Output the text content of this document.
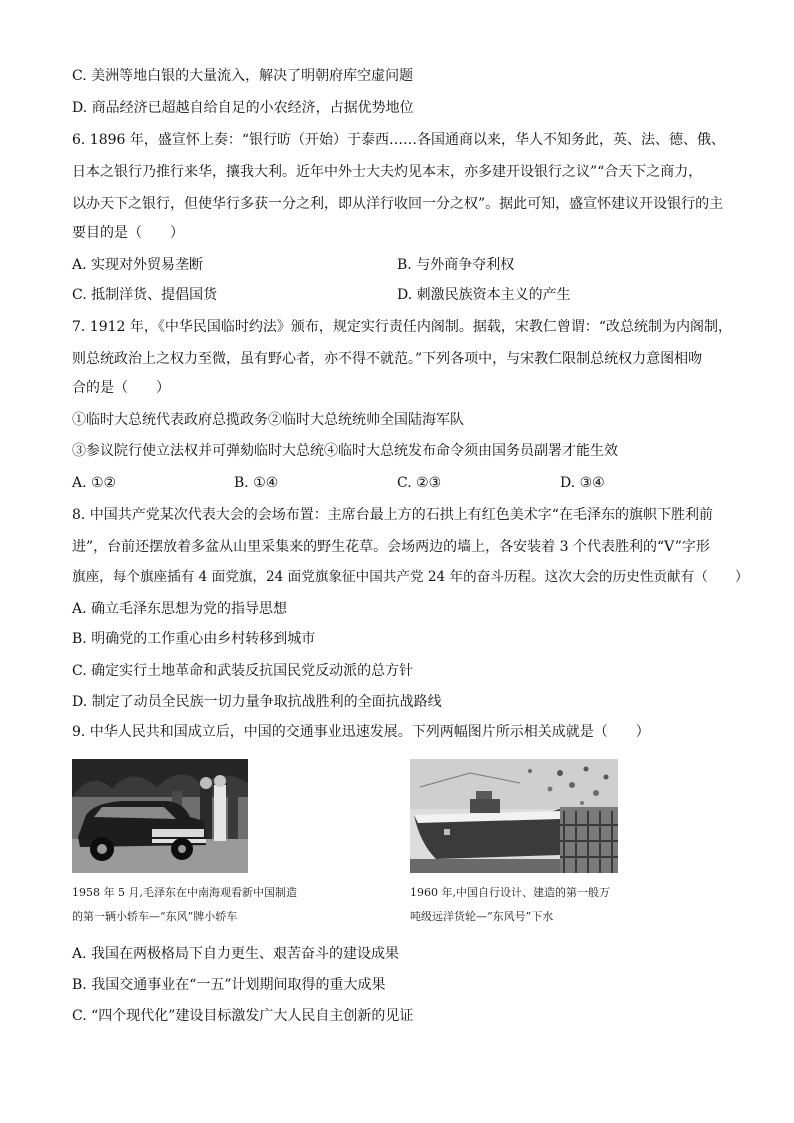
C. 美洲等地白银的大量流入，解决了明朝府库空虚问题
D. 商品经济已超越自给自足的小农经济，占据优势地位
6. 1896 年，盛宣怀上奏：“银行昉（开始）于泰西……各国通商以来，华人不知务此，英、法、德、俄、
日本之银行乃推行来华，攘我大利。近年中外士大夫灼见本末，亦多建开设银行之议”“合天下之商力，
以办天下之银行，但使华行多获一分之利，即从洋行收回一分之权”。据此可知，盛宣怀建议开设银行的主
要目的是（　　）
A. 实现对外贸易垄断	B. 与外商争夺利权
C. 抵制洋货、提倡国货	D. 刺激民族资本主义的产生
7. 1912 年，《中华民国临时约法》颁布，规定实行责任内阁制。据载，宋教仁曾谓：“改总统制为内阁制，
则总统政治上之权力至微，虽有野心者，亦不得不就范。”下列各项中，与宋教仁限制总统权力意图相吻
合的是（　　）
①临时大总统代表政府总揽政务②临时大总统统帅全国陆海军队
③参议院行使立法权并可弹劾临时大总统④临时大总统发布命令须由国务员副署才能生效
A. ①②	B. ①④	C. ②③	D. ③④
8. 中国共产党某次代表大会的会场布置：主席台最上方的石拱上有红色美术字“在毛泽东的旗帜下胜利前
进”，台前还摆放着多盆从山里采集来的野生花草。会场两边的墙上，各安装着 3 个代表胜利的“V”字形
旗座，每个旗座插有 4 面党旗，24 面党旗象征中国共产党 24 年的奋斗历程。这次大会的历史性贡献有（　　）
A. 确立毛泽东思想为党的指导思想
B. 明确党的工作重心由乡村转移到城市
C. 确定实行土地革命和武装反抗国民党反动派的总方针
D. 制定了动员全民族一切力量争取抗战胜利的全面抗战路线
9. 中华人民共和国成立后，中国的交通事业迅速发展。下列两幅图片所示相关成就是（　　）
1958 年 5 月,毛泽东在中南海观看新中国制造
的第一辆小轿车—“东风”牌小轿车
1960 年,中国自行设计、建造的第一般万
吨级远洋货轮—“东风号”下水
A. 我国在两极格局下自力更生、艰苦奋斗的建设成果
B. 我国交通事业在“一五”计划期间取得的重大成果
C. “四个现代化”建设目标激发广大人民自主创新的见证
